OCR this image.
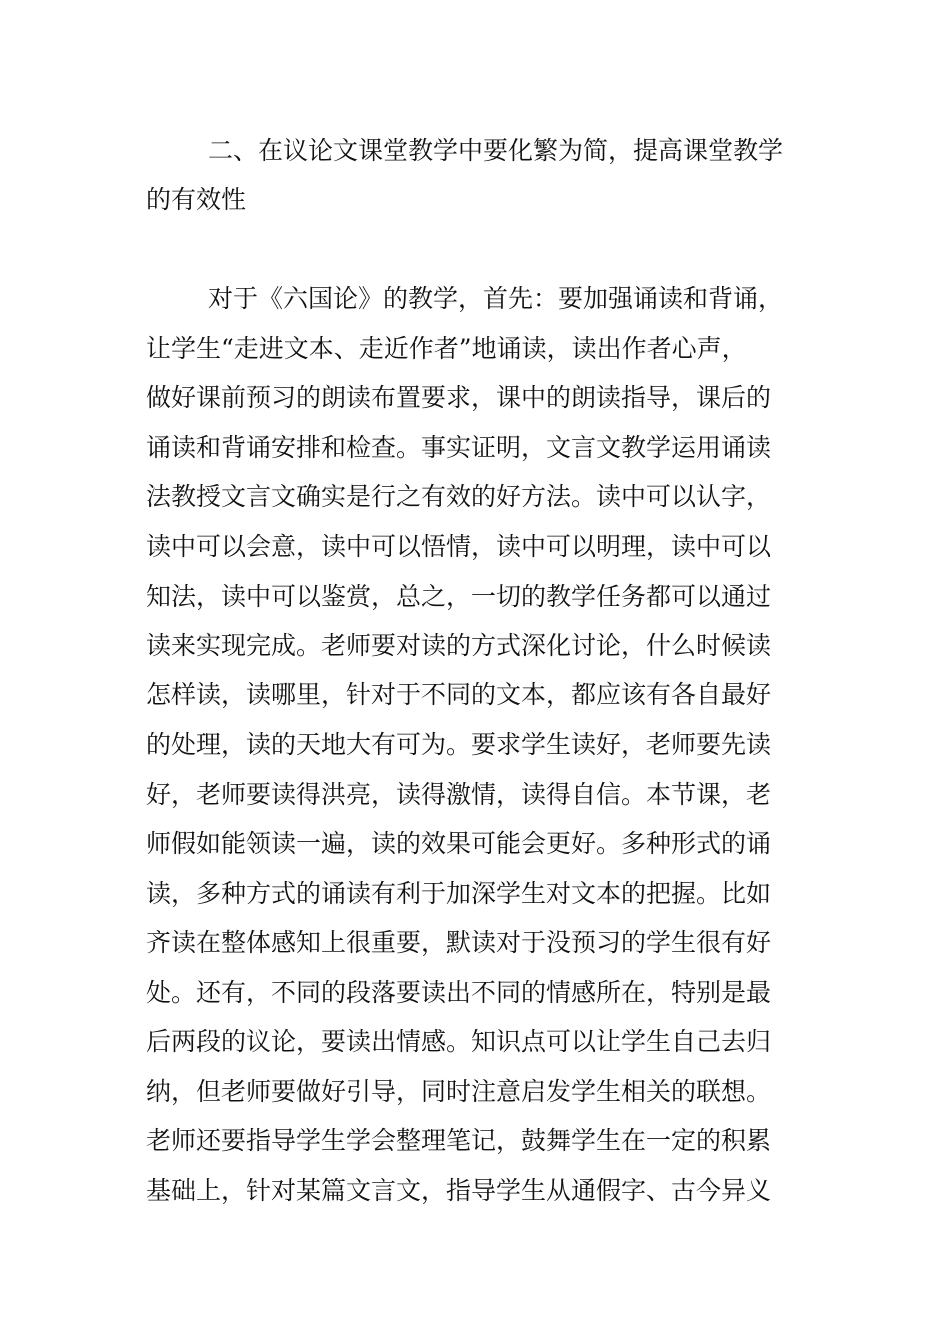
二、在议论文课堂教学中要化繁为简，提高课堂教学
的有效性
对于《六国论》的教学，首先：要加强诵读和背诵，
让学生“走进文本、走近作者”地诵读，读出作者心声，
做好课前预习的朗读布置要求，课中的朗读指导，课后的
诵读和背诵安排和检查。事实证明，文言文教学运用诵读
法教授文言文确实是行之有效的好方法。读中可以认字，
读中可以会意，读中可以悟情，读中可以明理，读中可以
知法，读中可以鉴赏，总之，一切的教学任务都可以通过
读来实现完成。老师要对读的方式深化讨论，什么时候读
怎样读，读哪里，针对于不同的文本，都应该有各自最好
的处理，读的天地大有可为。要求学生读好，老师要先读
好，老师要读得洪亮，读得激情，读得自信。本节课，老
师假如能领读一遍，读的效果可能会更好。多种形式的诵
读，多种方式的诵读有利于加深学生对文本的把握。比如
齐读在整体感知上很重要，默读对于没预习的学生很有好
处。还有，不同的段落要读出不同的情感所在，特别是最
后两段的议论，要读出情感。知识点可以让学生自己去归
纳，但老师要做好引导，同时注意启发学生相关的联想。
老师还要指导学生学会整理笔记，鼓舞学生在一定的积累
基础上，针对某篇文言文，指导学生从通假字、古今异义
